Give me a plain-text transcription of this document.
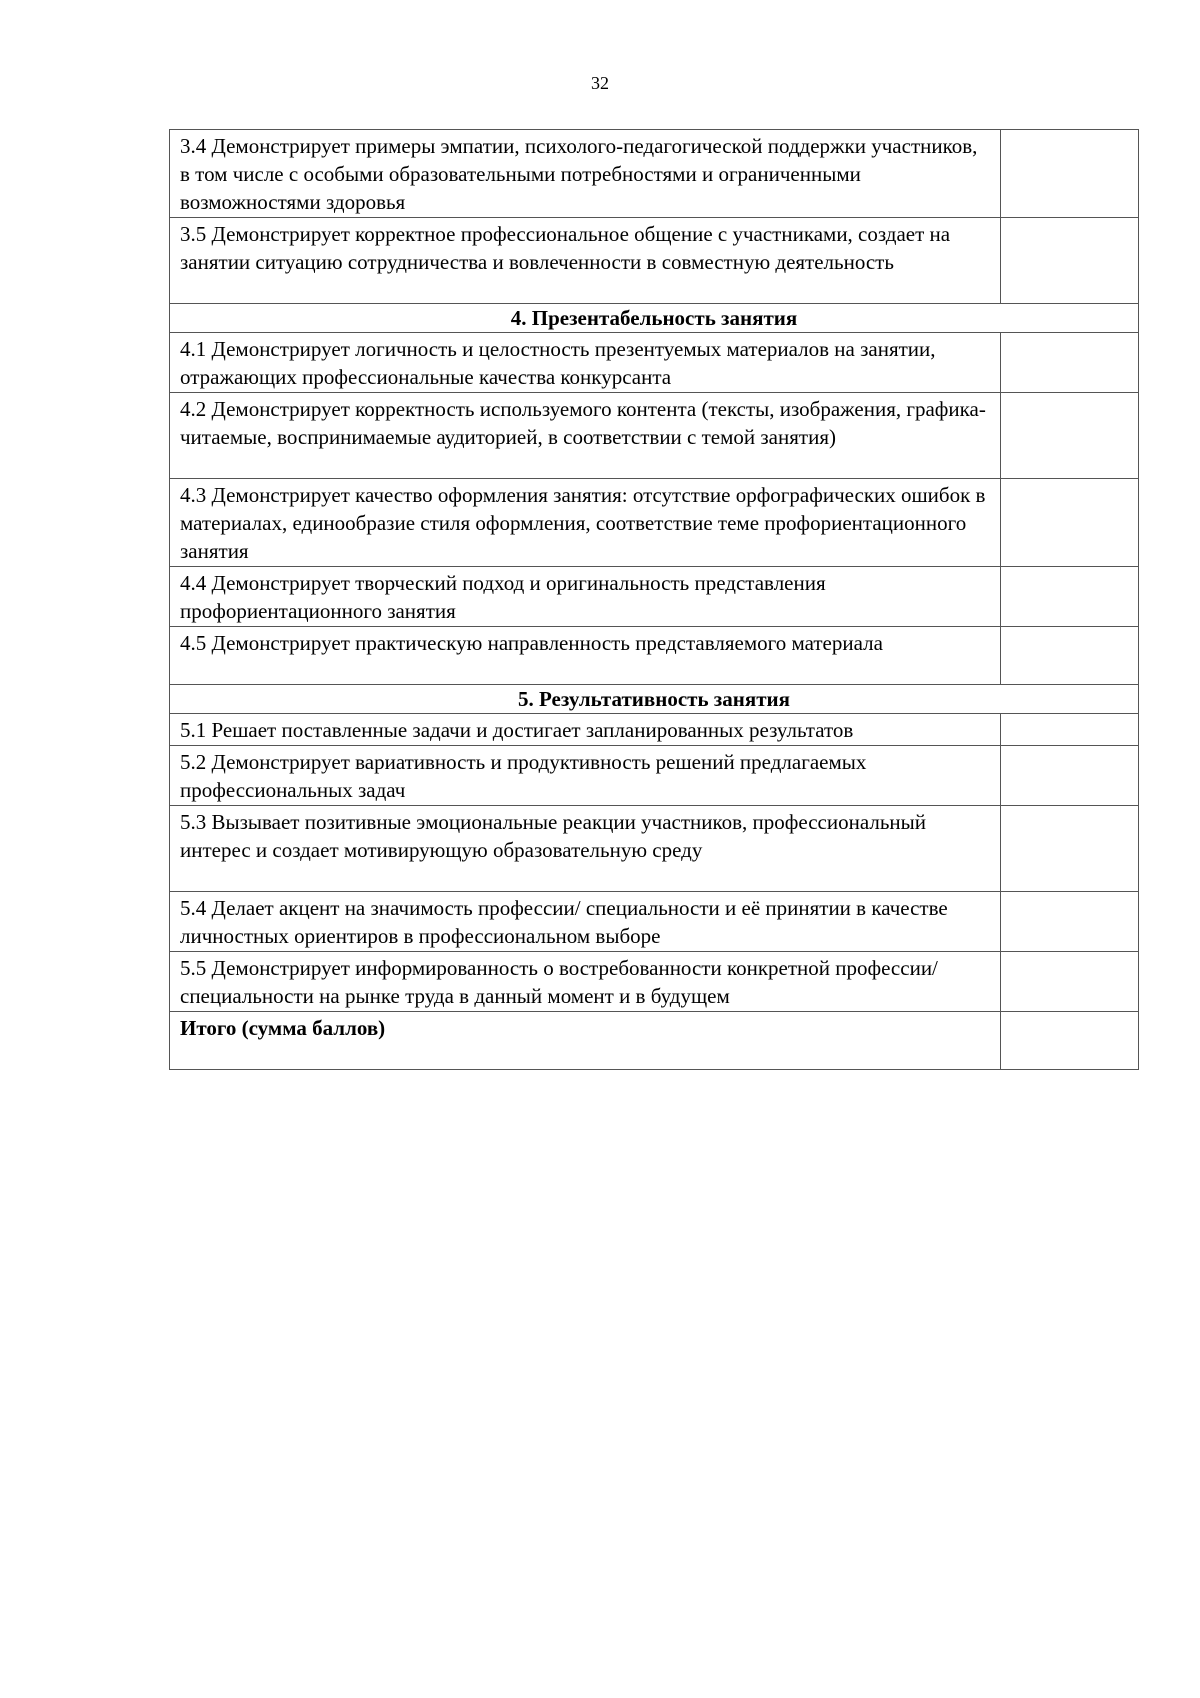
32
3.4 Демонстрирует примеры эмпатии, психолого-педагогической поддержки участников, в том числе с особыми образовательными потребностями и ограниченными возможностями здоровья	
3.5 Демонстрирует корректное профессиональное общение с участниками, создает на занятии ситуацию сотрудничества и вовлеченности в совместную деятельность	
4. Презентабельность занятия	
4.1 Демонстрирует логичность и целостность презентуемых материалов на занятии, отражающих профессиональные качества конкурсанта	
4.2 Демонстрирует корректность используемого контента (тексты, изображения, графика-читаемые, воспринимаемые аудиторией, в соответствии с темой занятия)	
4.3 Демонстрирует качество оформления занятия: отсутствие орфографических ошибок в материалах, единообразие стиля оформления, соответствие теме профориентационного занятия	
4.4 Демонстрирует творческий подход и оригинальность представления профориентационного занятия	
4.5 Демонстрирует практическую направленность представляемого материала	
5. Результативность занятия	
5.1 Решает поставленные задачи и достигает запланированных результатов	
5.2 Демонстрирует вариативность и продуктивность решений предлагаемых профессиональных задач	
5.3 Вызывает позитивные эмоциональные реакции участников, профессиональный интерес и создает мотивирующую образовательную среду	
5.4 Делает акцент на значимость профессии/ специальности и её принятии в качестве личностных ориентиров в профессиональном выборе	
5.5 Демонстрирует информированность о востребованности конкретной профессии/ специальности на рынке труда в данный момент и в будущем	
Итого (сумма баллов)	
